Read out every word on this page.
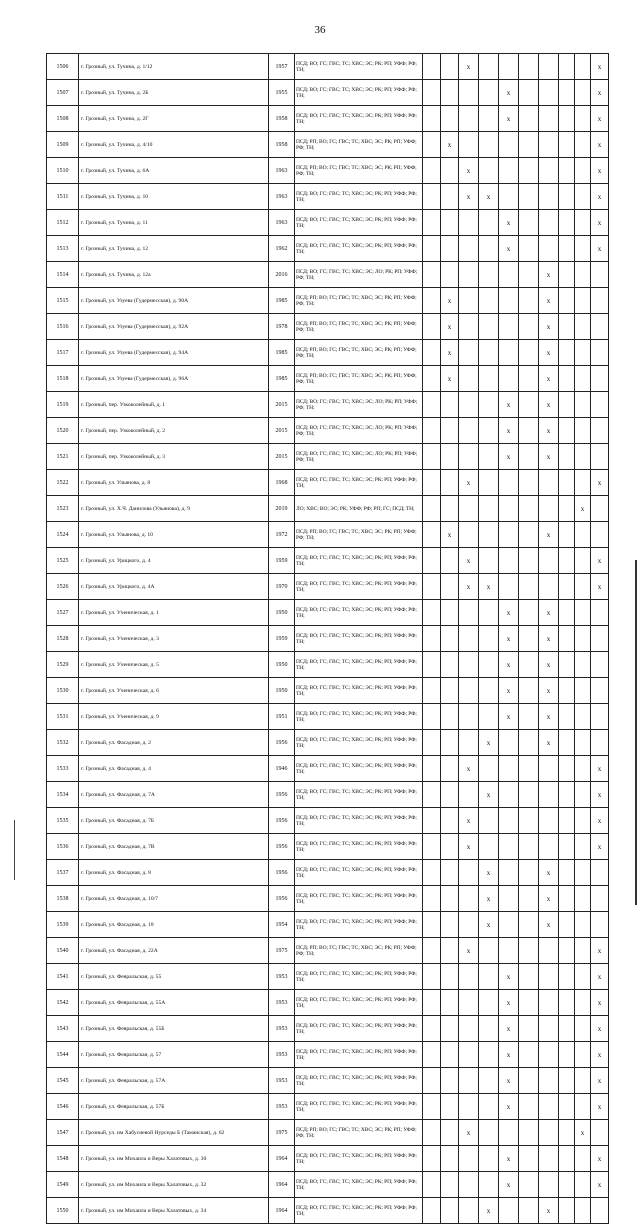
36
1506	г. Грозный, ул. Тучина, д. 1/12	1957	ПСД; ВО; ГС; ГВС; ТС; ХВС; ЭС; РК; РП; УФФ; РФ; ТН;			x							x
1507	г. Грозный, ул. Тучина, д. 2Б	1955	ПСД; ВО; ГС; ГВС; ТС; ХВС; ЭС; РК; РП; УФФ; РФ; ТН;					x					x
1508	г. Грозный, ул. Тучина, д. 2Г	1958	ПСД; ВО; ГС; ГВС; ТС; ХВС; ЭС; РК; РП; УФФ; РФ; ТН;					x					x
1509	г. Грозный, ул. Тучина, д. 4/10	1958	ПСД; РП; ВО; ГС; ГВС; ТС; ХВС; ЭС; РК; РП; УФФ; РФ; ТН;		x								x
1510	г. Грозный, ул. Тучина, д. 6А	1963	ПСД; РП; ВО; ГС; ГВС; ТС; ХВС; ЭС; РК; РП; УФФ; РФ; ТН;			x							x
1511	г. Грозный, ул. Тучина, д. 10	1963	ПСД; ВО; ГС; ГВС; ТС; ХВС; ЭС; РК; РП; УФФ; РФ; ТН;			x	x						x
1512	г. Грозный, ул. Тучина, д. 11	1963	ПСД; ВО; ГС; ГВС; ТС; ХВС; ЭС; РК; РП; УФФ; РФ; ТН;					x					x
1513	г. Грозный, ул. Тучина, д. 12	1962	ПСД; ВО; ГС; ГВС; ТС; ХВС; ЭС; РК; РП; УФФ; РФ; ТН;					x					x
1514	г. Грозный, ул. Тучина, д. 12а	2016	ПСД; ВО; ГС; ГВС; ТС; ХВС; ЭС; ЛО; РК; РП; УФФ; РФ; ТН;							x			
1515	г. Грозный, ул. Узуева (Гудермесская), д. 90А	1985	ПСД; РП; ВО; ГС; ГВС; ТС; ХВС; ЭС; РК; РП; УФФ; РФ; ТН;		x					x			
1516	г. Грозный, ул. Узуева (Гудермесская), д. 92А	1978	ПСД; РП; ВО; ГС; ГВС; ТС; ХВС; ЭС; РК; РП; УФФ; РФ; ТН;		x					x			
1517	г. Грозный, ул. Узуева (Гудермесская), д. 94А	1985	ПСД; РП; ВО; ГС; ГВС; ТС; ХВС; ЭС; РК; РП; УФФ; РФ; ТН;		x					x			
1518	г. Грозный, ул. Узуева (Гудермесская), д. 96А	1985	ПСД; РП; ВО; ГС; ГВС; ТС; ХВС; ЭС; РК; РП; УФФ; РФ; ТН;		x					x			
1519	г. Грозный, пер. Узкоколейный, д. 1	2015	ПСД; ВО; ГС; ГВС; ТС; ХВС; ЭС; ЛО; РК; РП; УФФ; РФ; ТН;					x		x			
1520	г. Грозный, пер. Узкоколейный, д. 2	2015	ПСД; ВО; ГС; ГВС; ТС; ХВС; ЭС; ЛО; РК; РП; УФФ; РФ; ТН;					x		x			
1521	г. Грозный, пер. Узкоколейный, д. 3	2015	ПСД; ВО; ГС; ГВС; ТС; ХВС; ЭС; ЛО; РК; РП; УФФ; РФ; ТН;					x		x			
1522	г. Грозный, ул. Ульянова, д. 8	1968	ПСД; ВО; ГС; ГВС; ТС; ХВС; ЭС; РК; РП; УФФ; РФ; ТН;			x							x
1523	г. Грозный, ул. Х.Ч. Данилова (Ульянова), д. 9	2019	ЛО; ХВС; ВО; ЭС; РК; УФФ; РФ; РП; ГС; ПСД; ТН;									x	
1524	г. Грозный, ул. Ульянова, д. 10	1972	ПСД; РП; ВО; ГС; ГВС; ТС; ХВС; ЭС; РК; РП; УФФ; РФ; ТН;		x					x			
1525	г. Грозный, ул. Урицкого, д. 4	1959	ПСД; ВО; ГС; ГВС; ТС; ХВС; ЭС; РК; РП; УФФ; РФ; ТН;			x							x
1526	г. Грозный, ул. Урицкого, д. 4А	1970	ПСД; ВО; ГС; ГВС; ТС; ХВС; ЭС; РК; РП; УФФ; РФ; ТН;			x	x						x
1527	г. Грозный, ул. Ученическая, д. 1	1950	ПСД; ВО; ГС; ГВС; ТС; ХВС; ЭС; РК; РП; УФФ; РФ; ТН;					x		x			
1528	г. Грозный, ул. Ученическая, д. 3	1959	ПСД; ВО; ГС; ГВС; ТС; ХВС; ЭС; РК; РП; УФФ; РФ; ТН;					x		x			
1529	г. Грозный, ул. Ученическая, д. 5	1950	ПСД; ВО; ГС; ГВС; ТС; ХВС; ЭС; РК; РП; УФФ; РФ; ТН;					x		x			
1530	г. Грозный, ул. Ученическая, д. 6	1950	ПСД; ВО; ГС; ГВС; ТС; ХВС; ЭС; РК; РП; УФФ; РФ; ТН;					x		x			
1531	г. Грозный, ул. Ученическая, д. 9	1951	ПСД; ВО; ГС; ГВС; ТС; ХВС; ЭС; РК; РП; УФФ; РФ; ТН;					x		x			
1532	г. Грозный, ул. Фасадная, д. 2	1956	ПСД; ВО; ГС; ГВС; ТС; ХВС; ЭС; РК; РП; УФФ; РФ; ТН;				x			x			
1533	г. Грозный, ул. Фасадная, д. 4	1946	ПСД; ВО; ГС; ГВС; ТС; ХВС; ЭС; РК; РП; УФФ; РФ; ТН;			x							x
1534	г. Грозный, ул. Фасадная, д. 7А	1956	ПСД; ВО; ГС; ГВС; ТС; ХВС; ЭС; РК; РП; УФФ; РФ; ТН;				x						x
1535	г. Грозный, ул. Фасадная, д. 7Б	1956	ПСД; ВО; ГС; ГВС; ТС; ХВС; ЭС; РК; РП; УФФ; РФ; ТН;			x							x
1536	г. Грозный, ул. Фасадная, д. 7В	1956	ПСД; ВО; ГС; ГВС; ТС; ХВС; ЭС; РК; РП; УФФ; РФ; ТН;			x							x
1537	г. Грозный, ул. Фасадная, д. 8	1956	ПСД; ВО; ГС; ГВС; ТС; ХВС; ЭС; РК; РП; УФФ; РФ; ТН;				x			x			
1538	г. Грозный, ул. Фасадная, д. 10/7	1956	ПСД; ВО; ГС; ГВС; ТС; ХВС; ЭС; РК; РП; УФФ; РФ; ТН;				x			x			
1539	г. Грозный, ул. Фасадная, д. 18	1954	ПСД; ВО; ГС; ГВС; ТС; ХВС; ЭС; РК; РП; УФФ; РФ; ТН;				x			x			
1540	г. Грозный, ул. Фасадная, д. 22А	1975	ПСД; РП; ВО; ГС; ГВС; ТС; ХВС; ЭС; РК; РП; УФФ; РФ; ТН;			x							x
1541	г. Грозный, ул. Февральская, д. 55	1953	ПСД; ВО; ГС; ГВС; ТС; ХВС; ЭС; РК; РП; УФФ; РФ; ТН;					x					x
1542	г. Грозный, ул. Февральская, д. 55А	1953	ПСД; ВО; ГС; ГВС; ТС; ХВС; ЭС; РК; РП; УФФ; РФ; ТН;					x					x
1543	г. Грозный, ул. Февральская, д. 55Б	1953	ПСД; ВО; ГС; ГВС; ТС; ХВС; ЭС; РК; РП; УФФ; РФ; ТН;					x					x
1544	г. Грозный, ул. Февральская, д. 57	1953	ПСД; ВО; ГС; ГВС; ТС; ХВС; ЭС; РК; РП; УФФ; РФ; ТН;					x					x
1545	г. Грозный, ул. Февральская, д. 57А	1953	ПСД; ВО; ГС; ГВС; ТС; ХВС; ЭС; РК; РП; УФФ; РФ; ТН;					x					x
1546	г. Грозный, ул. Февральская, д. 57Б	1953	ПСД; ВО; ГС; ГВС; ТС; ХВС; ЭС; РК; РП; УФФ; РФ; ТН;					x					x
1547	г. Грозный, ул. им Хабусиевой Нурседы Б (Таманская), д. 62	1975	ПСД; РП; ВО; ГС; ГВС; ТС; ХВС; ЭС; РК; РП; УФФ; РФ; ТН;			x						x	
1548	г. Грозный, ул. им Михаила и Веры Халатовых, д. 30	1964	ПСД; ВО; ГС; ГВС; ТС; ХВС; ЭС; РК; РП; УФФ; РФ; ТН;					x					x
1549	г. Грозный, ул. им Михаила и Веры Халатовых, д. 32	1964	ПСД; ВО; ГС; ГВС; ТС; ХВС; ЭС; РК; РП; УФФ; РФ; ТН;					x					x
1550	г. Грозный, ул. им Михаила и Веры Халатовых, д. 34	1964	ПСД; ВО; ГС; ГВС; ТС; ХВС; ЭС; РК; РП; УФФ; РФ; ТН;				x			x			
